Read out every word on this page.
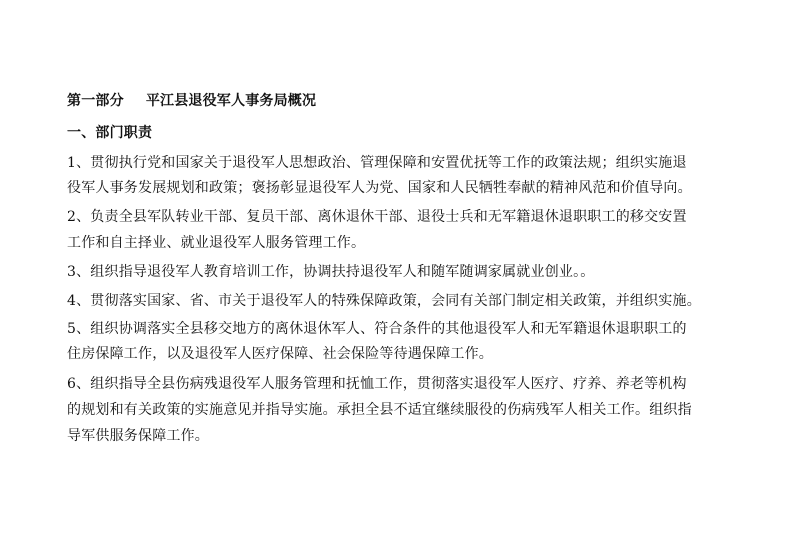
第一部分 平江县退役军人事务局概况
一、部门职责
1、贯彻执行党和国家关于退役军人思想政治、管理保障和安置优抚等工作的政策法规；组织实施退
役军人事务发展规划和政策；褒扬彰显退役军人为党、国家和人民牺牲奉献的精神风范和价值导向。
2、负责全县军队转业干部、复员干部、离休退休干部、退役士兵和无军籍退休退职职工的移交安置
工作和自主择业、就业退役军人服务管理工作。
3、组织指导退役军人教育培训工作，协调扶持退役军人和随军随调家属就业创业。。
4、贯彻落实国家、省、市关于退役军人的特殊保障政策，会同有关部门制定相关政策，并组织实施。
5、组织协调落实全县移交地方的离休退休军人、符合条件的其他退役军人和无军籍退休退职职工的
住房保障工作，以及退役军人医疗保障、社会保险等待遇保障工作。
6、组织指导全县伤病残退役军人服务管理和抚恤工作，贯彻落实退役军人医疗、疗养、养老等机构
的规划和有关政策的实施意见并指导实施。承担全县不适宜继续服役的伤病残军人相关工作。组织指
导军供服务保障工作。
